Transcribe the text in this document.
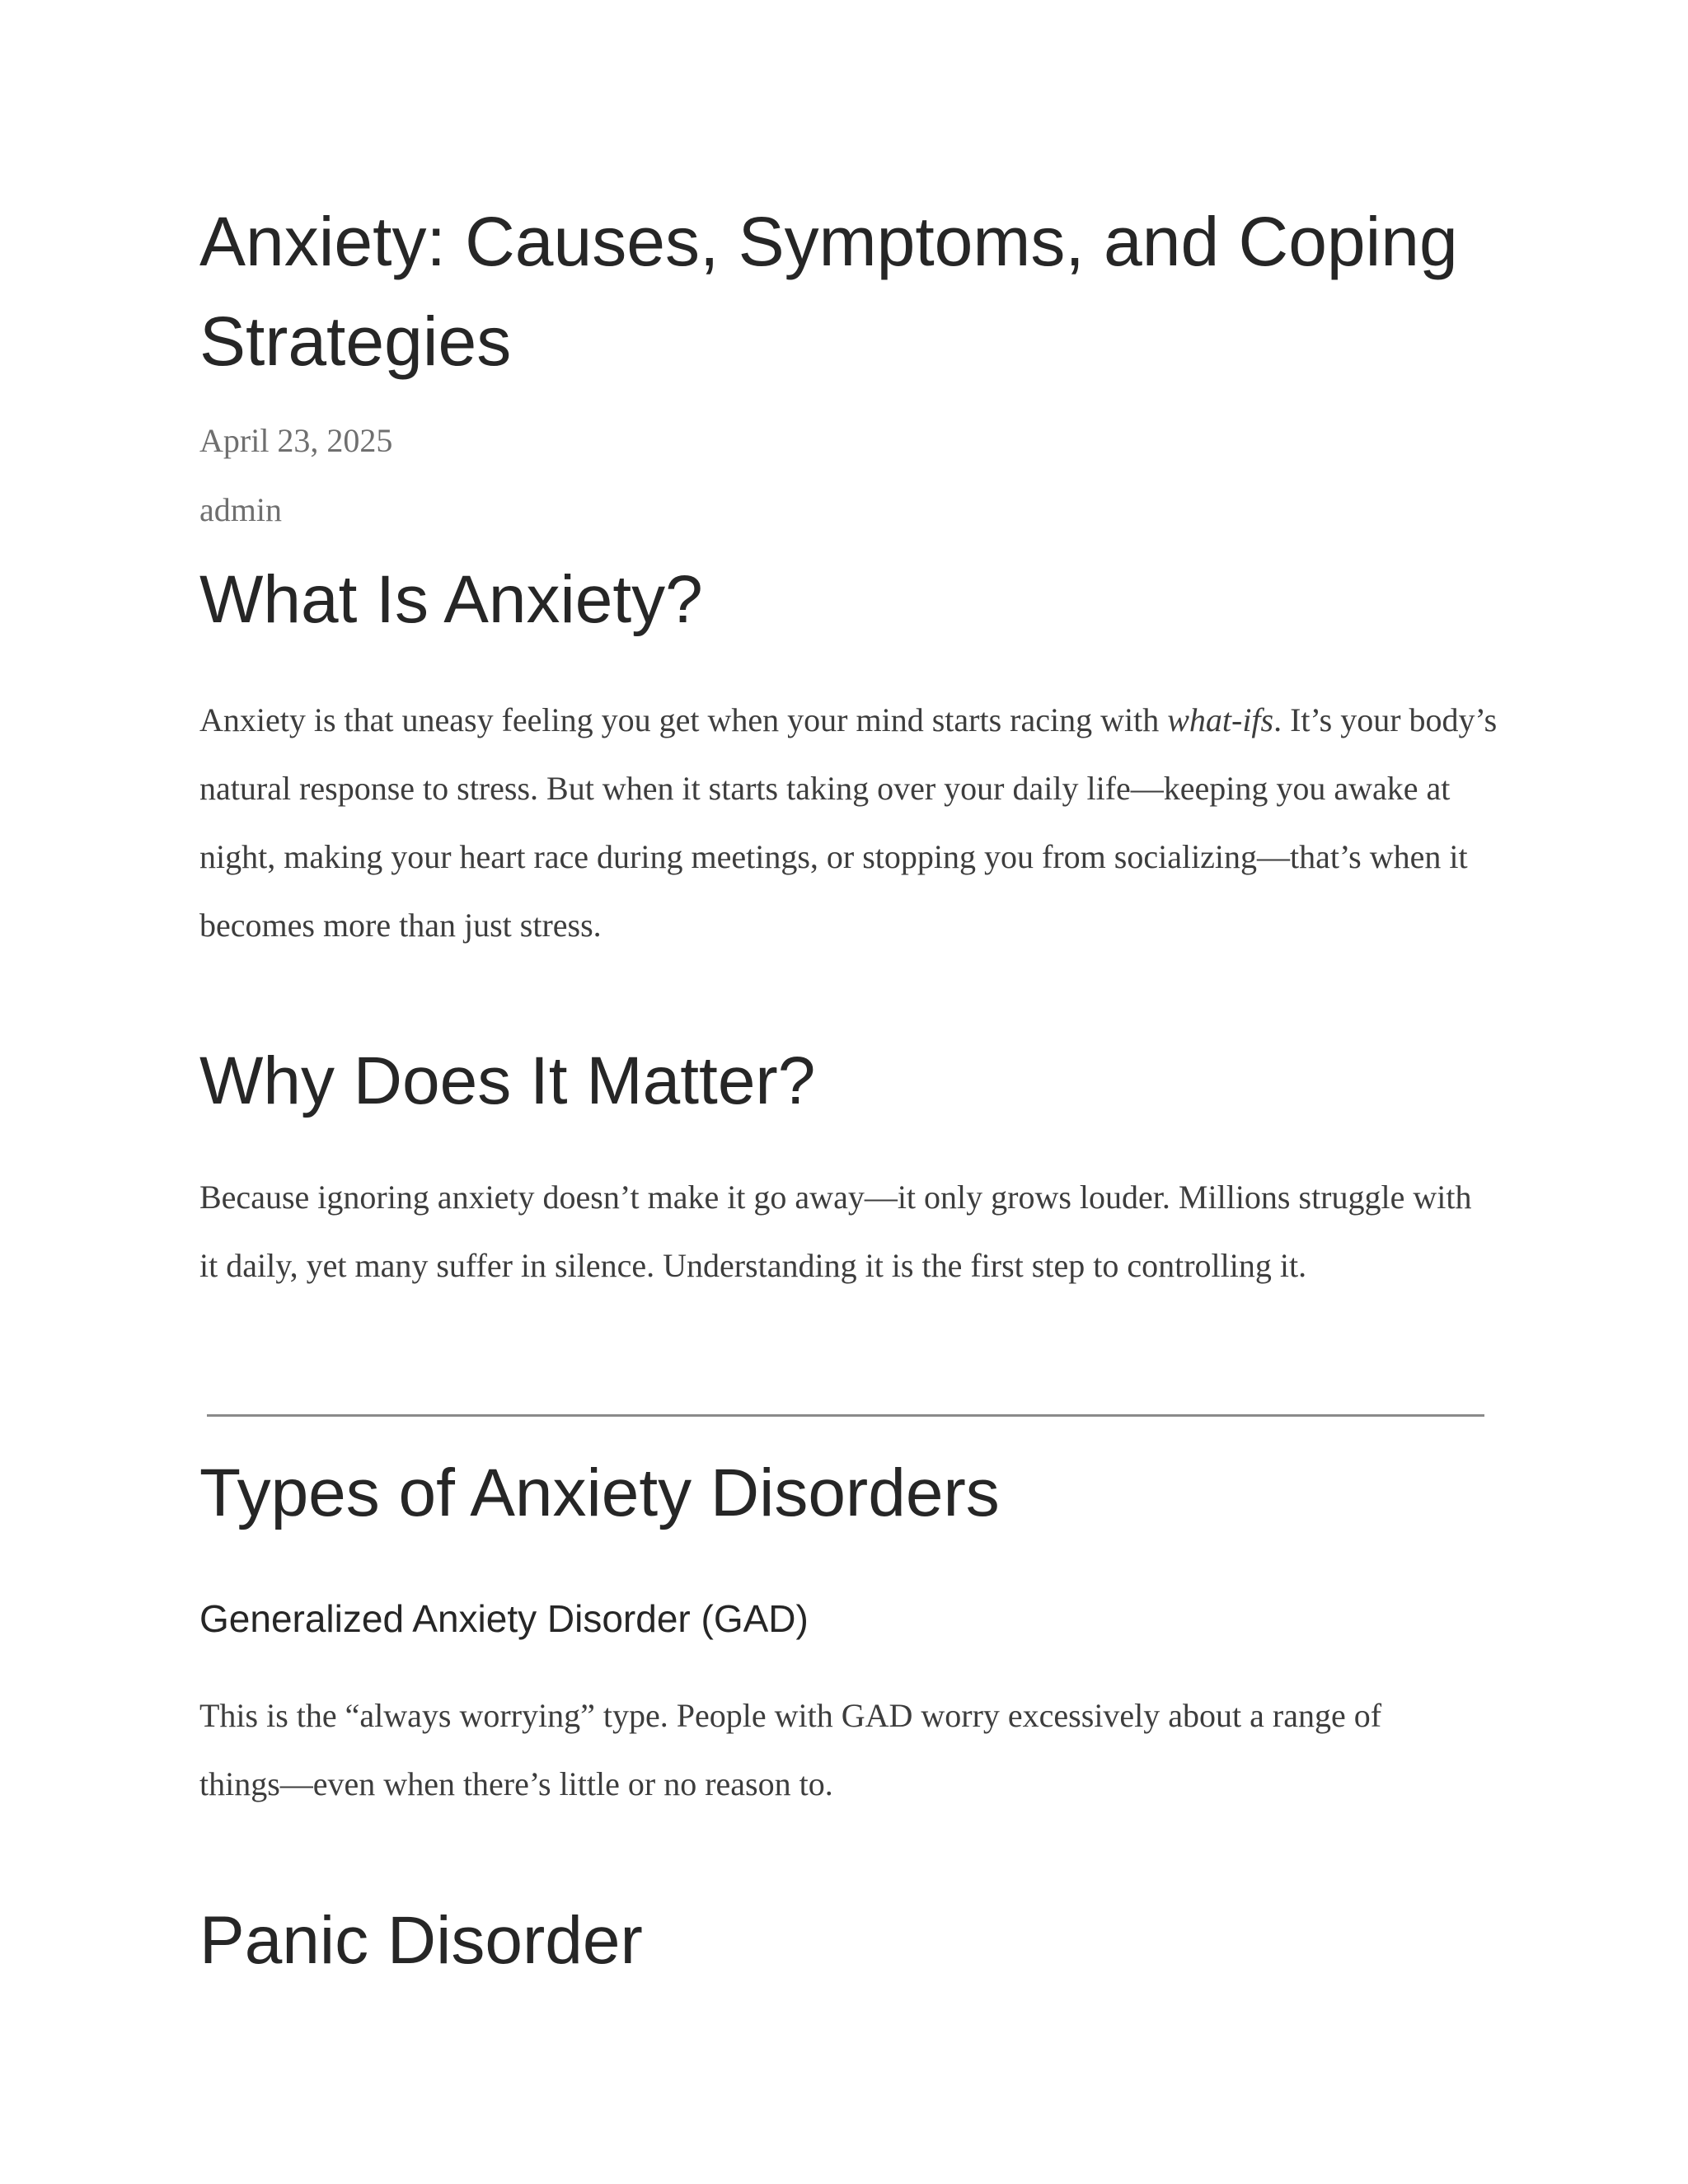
Anxiety: Causes, Symptoms, and Coping Strategies
April 23, 2025
admin
What Is Anxiety?

Anxiety is that uneasy feeling you get when your mind starts racing with what-ifs. It’s your body’s natural response to stress. But when it starts taking over your daily life—keeping you awake at night, making your heart race during meetings, or stopping you from socializing—that’s when it becomes more than just stress.

Why Does It Matter?

Because ignoring anxiety doesn’t make it go away—it only grows louder. Millions struggle with it daily, yet many suffer in silence. Understanding it is the first step to controlling it.

Types of Anxiety Disorders
Generalized Anxiety Disorder (GAD)

This is the “always worrying” type. People with GAD worry excessively about a range of things—even when there’s little or no reason to.

Panic Disorder
